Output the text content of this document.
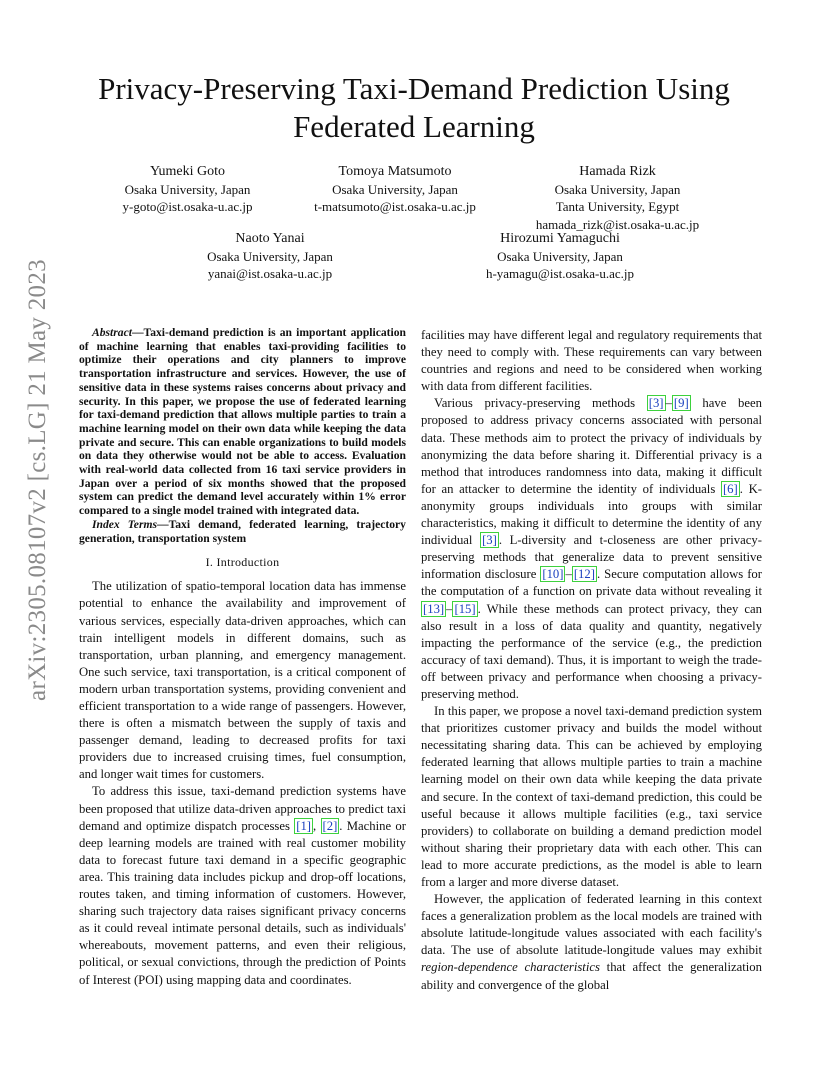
arXiv:2305.08107v2 [cs.LG] 21 May 2023
Privacy-Preserving Taxi-Demand Prediction Using Federated Learning
Yumeki Goto
Osaka University, Japan
y-goto@ist.osaka-u.ac.jp
Tomoya Matsumoto
Osaka University, Japan
t-matsumoto@ist.osaka-u.ac.jp
Hamada Rizk
Osaka University, Japan
Tanta University, Egypt
hamada_rizk@ist.osaka-u.ac.jp
Naoto Yanai
Osaka University, Japan
yanai@ist.osaka-u.ac.jp
Hirozumi Yamaguchi
Osaka University, Japan
h-yamagu@ist.osaka-u.ac.jp

Abstract—Taxi-demand prediction is an important application of machine learning that enables taxi-providing facilities to optimize their operations and city planners to improve transportation infrastructure and services. However, the use of sensitive data in these systems raises concerns about privacy and security. In this paper, we propose the use of federated learning for taxi-demand prediction that allows multiple parties to train a machine learning model on their own data while keeping the data private and secure. This can enable organizations to build models on data they otherwise would not be able to access. Evaluation with real-world data collected from 16 taxi service providers in Japan over a period of six months showed that the proposed system can predict the demand level accurately within 1% error compared to a single model trained with integrated data.

Index Terms—Taxi demand, federated learning, trajectory generation, transportation system

I. Introduction

The utilization of spatio-temporal location data has immense potential to enhance the availability and improvement of various services, especially data-driven approaches, which can train intelligent models in different domains, such as transportation, urban planning, and emergency management. One such service, taxi transportation, is a critical component of modern urban transportation systems, providing convenient and efficient transportation to a wide range of passengers. However, there is often a mismatch between the supply of taxis and passenger demand, leading to decreased profits for taxi providers due to increased cruising times, fuel consumption, and longer wait times for customers.

To address this issue, taxi-demand prediction systems have been proposed that utilize data-driven approaches to predict taxi demand and optimize dispatch processes [1] , [2] . Machine or deep learning models are trained with real customer mobility data to forecast future taxi demand in a specific geographic area. This training data includes pickup and drop-off locations, routes taken, and timing information of customers. However, sharing such trajectory data raises significant privacy concerns as it could reveal intimate personal details, such as individuals' whereabouts, movement patterns, and even their religious, political, or sexual convictions, through the prediction of Points of Interest (POI) using mapping data and coordinates.

facilities may have different legal and regulatory requirements that they need to comply with. These requirements can vary between countries and regions and need to be considered when working with data from different facilities.

Various privacy-preserving methods [3] – [9] have been proposed to address privacy concerns associated with personal data. These methods aim to protect the privacy of individuals by anonymizing the data before sharing it. Differential privacy is a method that introduces randomness into data, making it difficult for an attacker to determine the identity of individuals [6] . K-anonymity groups individuals into groups with similar characteristics, making it difficult to determine the identity of any individual [3] . L-diversity and t-closeness are other privacy-preserving methods that generalize data to prevent sensitive information disclosure [10] – [12] . Secure computation allows for the computation of a function on private data without revealing it [13] – [15] . While these methods can protect privacy, they can also result in a loss of data quality and quantity, negatively impacting the performance of the service (e.g., the prediction accuracy of taxi demand). Thus, it is important to weigh the trade-off between privacy and performance when choosing a privacy-preserving method.

In this paper, we propose a novel taxi-demand prediction system that prioritizes customer privacy and builds the model without necessitating sharing data. This can be achieved by employing federated learning that allows multiple parties to train a machine learning model on their own data while keeping the data private and secure. In the context of taxi-demand prediction, this could be useful because it allows multiple facilities (e.g., taxi service providers) to collaborate on building a demand prediction model without sharing their proprietary data with each other. This can lead to more accurate predictions, as the model is able to learn from a larger and more diverse dataset.

However, the application of federated learning in this context faces a generalization problem as the local models are trained with absolute latitude-longitude values associated with each facility's data. The use of absolute latitude-longitude values may exhibit region-dependence characteristics that affect the generalization ability and convergence of the global
